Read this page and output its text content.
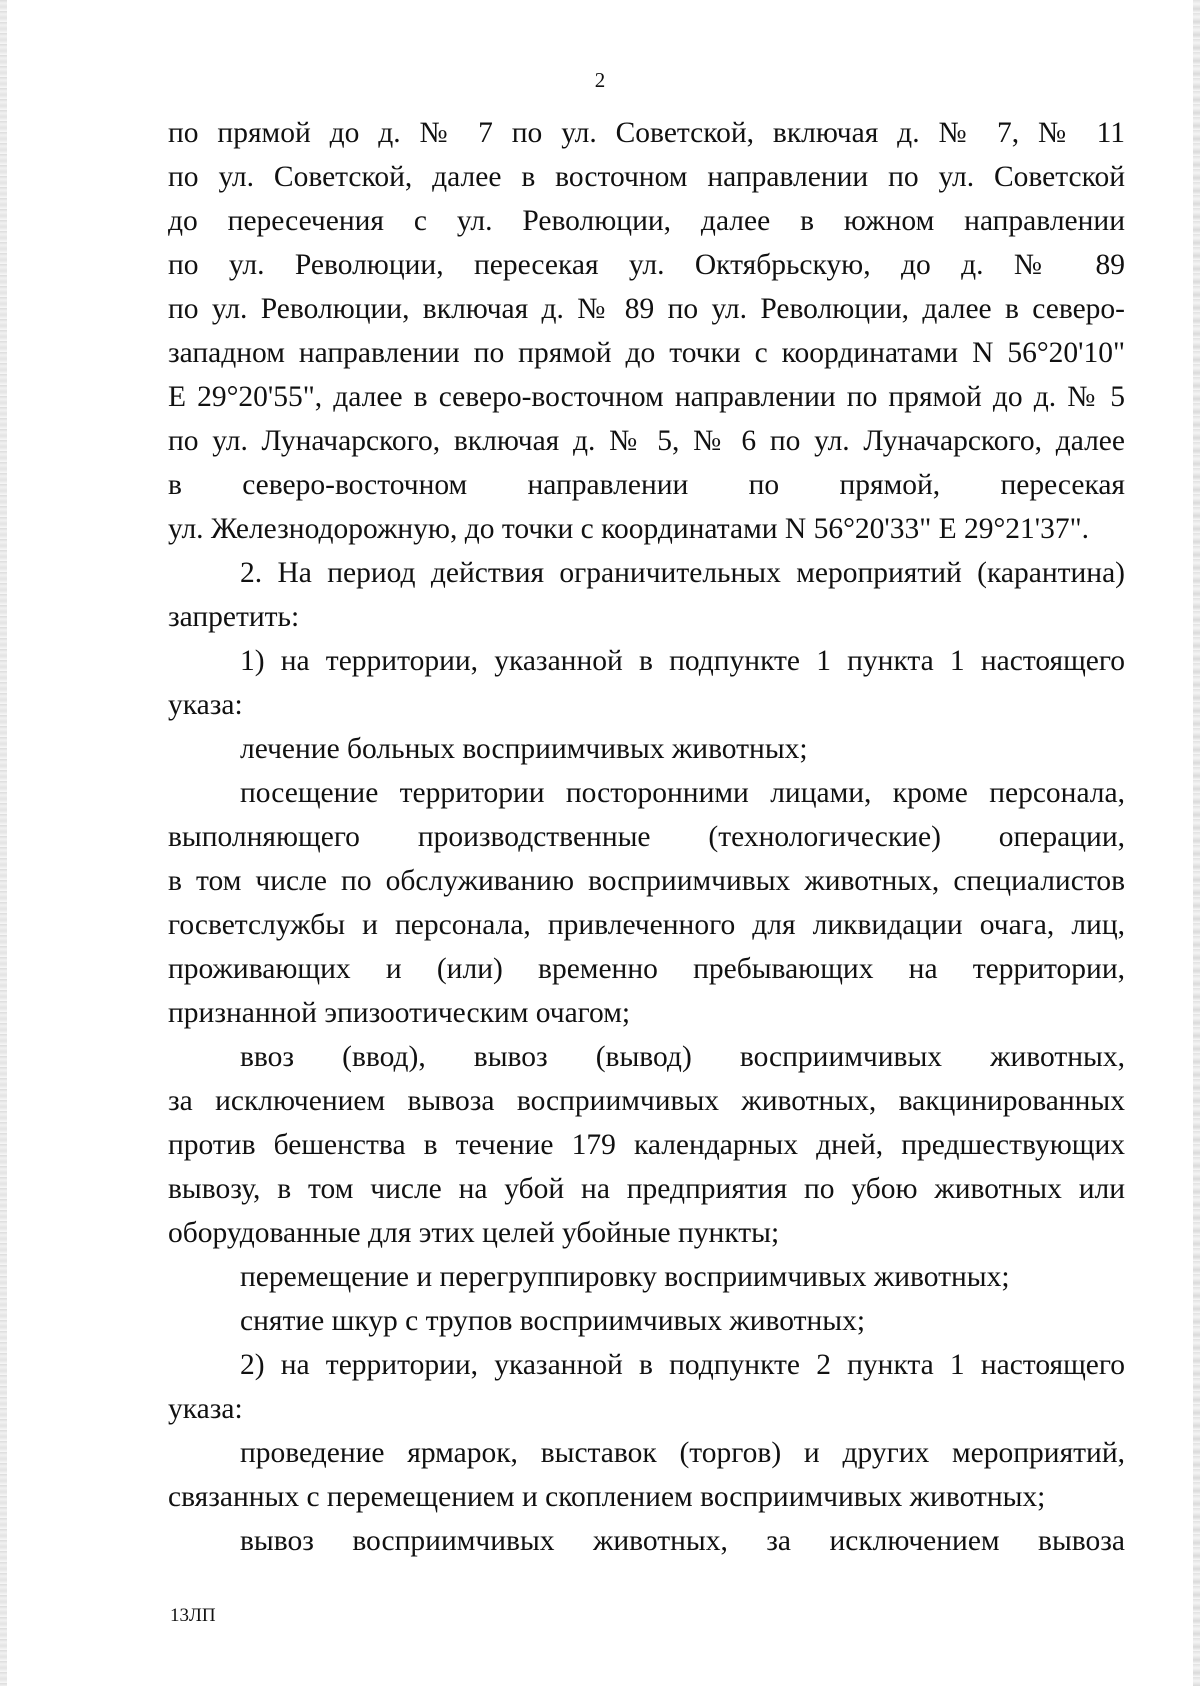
2
по прямой до д. № 7 по ул. Советской, включая д. № 7, № 11
по ул. Советской, далее в восточном направлении по ул. Советской
до пересечения с ул. Революции, далее в южном направлении
по ул. Революции, пересекая ул. Октябрьскую, до д. № 89
по ул. Революции, включая д. № 89 по ул. Революции, далее в северо-
западном направлении по прямой до точки с координатами N 56°20'10"
E 29°20'55", далее в северо-восточном направлении по прямой до д. № 5
по ул. Луначарского, включая д. № 5, № 6 по ул. Луначарского, далее
в северо-восточном направлении по прямой, пересекая
ул. Железнодорожную, до точки с координатами N 56°20'33" E 29°21'37".
2. На период действия ограничительных мероприятий (карантина)
запретить:
1) на территории, указанной в подпункте 1 пункта 1 настоящего
указа:
лечение больных восприимчивых животных;
посещение территории посторонними лицами, кроме персонала,
выполняющего производственные (технологические) операции,
в том числе по обслуживанию восприимчивых животных, специалистов
госветслужбы и персонала, привлеченного для ликвидации очага, лиц,
проживающих и (или) временно пребывающих на территории,
признанной эпизоотическим очагом;
ввоз (ввод), вывоз (вывод) восприимчивых животных,
за исключением вывоза восприимчивых животных, вакцинированных
против бешенства в течение 179 календарных дней, предшествующих
вывозу, в том числе на убой на предприятия по убою животных или
оборудованные для этих целей убойные пункты;
перемещение и перегруппировку восприимчивых животных;
снятие шкур с трупов восприимчивых животных;
2) на территории, указанной в подпункте 2 пункта 1 настоящего
указа:
проведение ярмарок, выставок (торгов) и других мероприятий,
связанных с перемещением и скоплением восприимчивых животных;
вывоз восприимчивых животных, за исключением вывоза
13ЛП
